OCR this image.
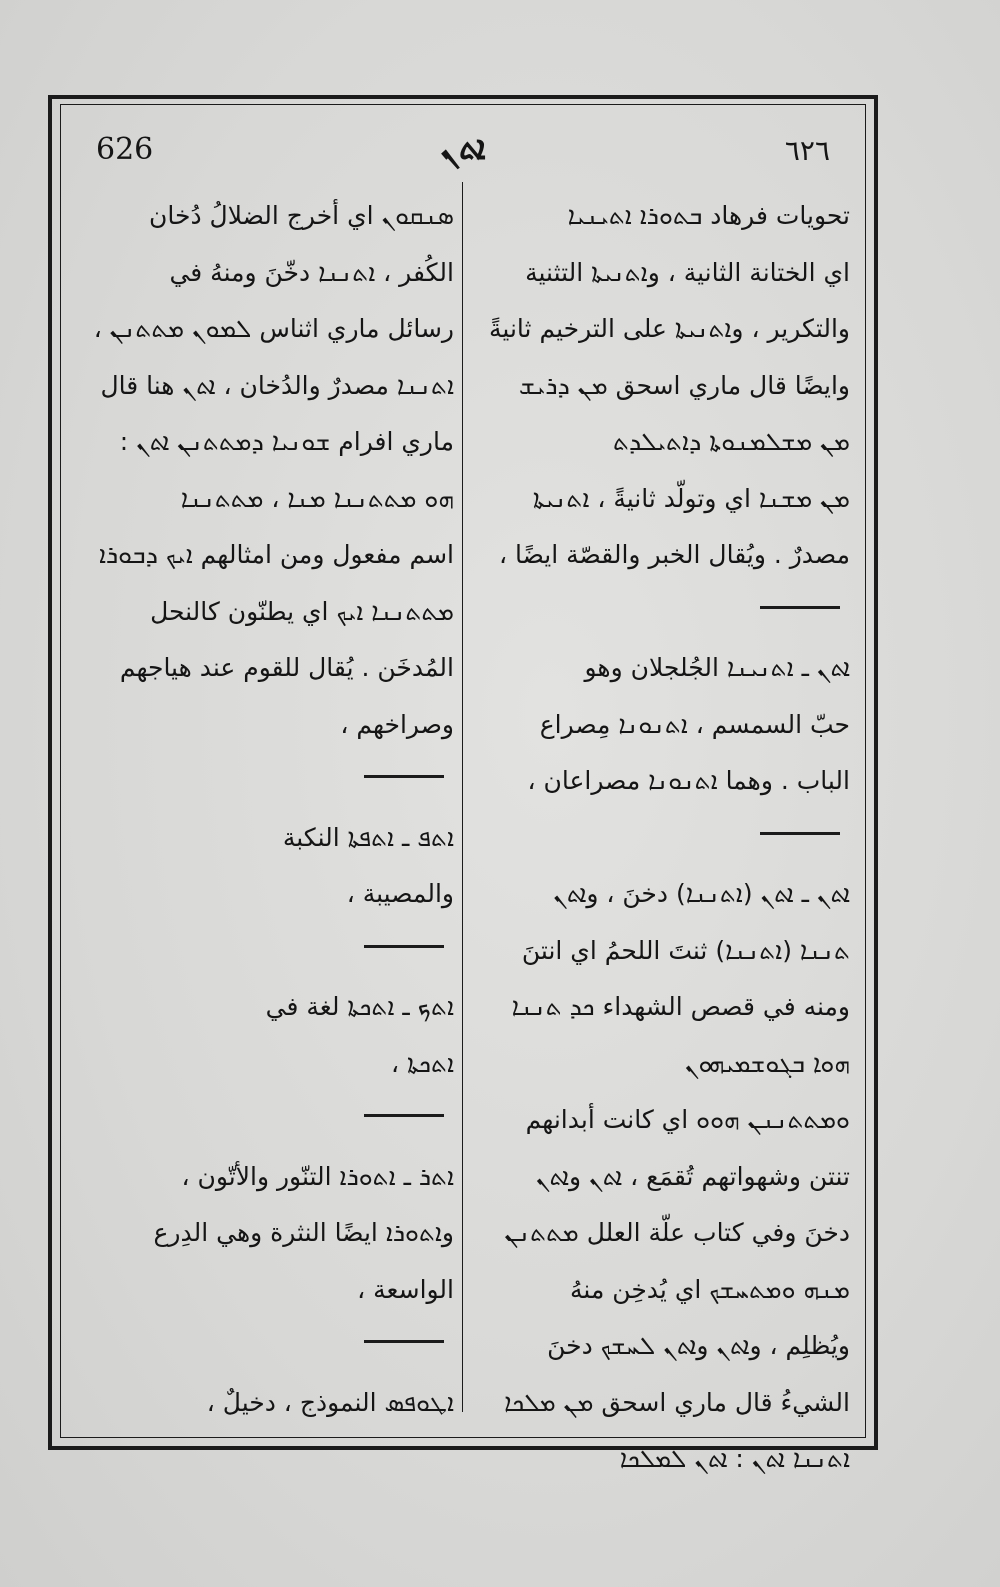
626	ܐܬܢ	٦٢٦
تحويات فرهاد ܒܬܘܪܐ ܐܬܝܢܝܐ
اي الختانة الثانية ، وܐܬܢܝܬܐ التثنية
والتكرير ، وܐܬܢܝܬܐ على الترخيم ثانيةً
وايضًا قال ماري اسحق ܡܢ ܕܪܝܫ
ܡܢ ܡܫܠܡܢܘܬܐ ܕܐܬܝܠܕܬ
ܡܢ ܡܫܢܐ اي وتولّد ثانيةً ، ܐܬܢܝܬܐ
مصدرٌ . ويُقال الخبر والقصّة ايضًا ،
ܐܬܢ ـ ܐܬܢܝܢܐ الجُلجلان وهو
حبّ السمسم ، ܐܬܢܘܢܐ مِصراع
الباب . وهما ܐܬܢܘܢܐ مصراعان ،
ܐܬܢ ـ ܐܬܢ (ܐܬܢܢܐ) دخنَ ، وܐܬܢ
ܬܢܢܐ (ܐܬܢܢܐ) ثنتَ اللحمُ اي انتنَ
ومنه في قصص الشهداء ܟܕ ܬܢܢܐ
ܗܘܐ ܒܓܘܫܡܝܗܘܢ
ܘܡܬܬܢܢܢ ܗܘܘ اي كانت أبدانهم
تنتن وشهواتهم تُقمَع ، ܐܬܢ وܐܬܢ
دخنَ وفي كتاب علّة العلل ܡܬܬܢܢ
ܡܢܗ ܘܡܬܚܫܟ اي يُدخِن منهُ
ويُظلِم ، وܐܬܢ وܐܬܢ ܠܚܫܟ دخنَ
الشيءُ قال ماري اسحق ܡܢ ܡܠܟܐ
ܐܬܢܢܐ ܐܬܢ : ܐܬܢ ܠܡܠܟܐ
ܣܢܩܘܢ اي أخرج الضلالُ دُخان
الكُفر ، ܐܬܢܢܐ دخّنَ ومنهُ في
رسائل ماري اثناس ܠܡܘܢ ܡܬܬܢܢ ،
ܐܬܢܢܐ مصدرٌ والدُخان ، ܐܬܢ هنا قال
ماري افرام ܫܘܢܝܐ ܕܡܬܬܢܢ ܐܬܢ :
ܗܘ ܡܬܬܢܢܐ ܡܢܐ ، ܡܬܬܢܢܐ
اسم مفعول ومن امثالهم ܐܝܟ ܕܒܘܪܐ
ܡܬܬܢܢܐ ܐܝܟ اي يطنّون كالنحل
المُدخَن . يُقال للقوم عند هياجهم
وصراخهم ،
ܐܬܦ ـ ܐܬܦܬܐ النكبة
والمصيبة ،
ܐܬܟ ـ ܐܬܟܬܐ لغة في
ܐܬܟܬܐ ،
ܐܬܪ ـ ܐܬܘܪܐ التنّور والأتّون ،
وܐܬܘܪܐ ايضًا النثرة وهي الدِرع
الواسعة ،
ܐܛܘܦܣ النموذج ، دخيلٌ ،
